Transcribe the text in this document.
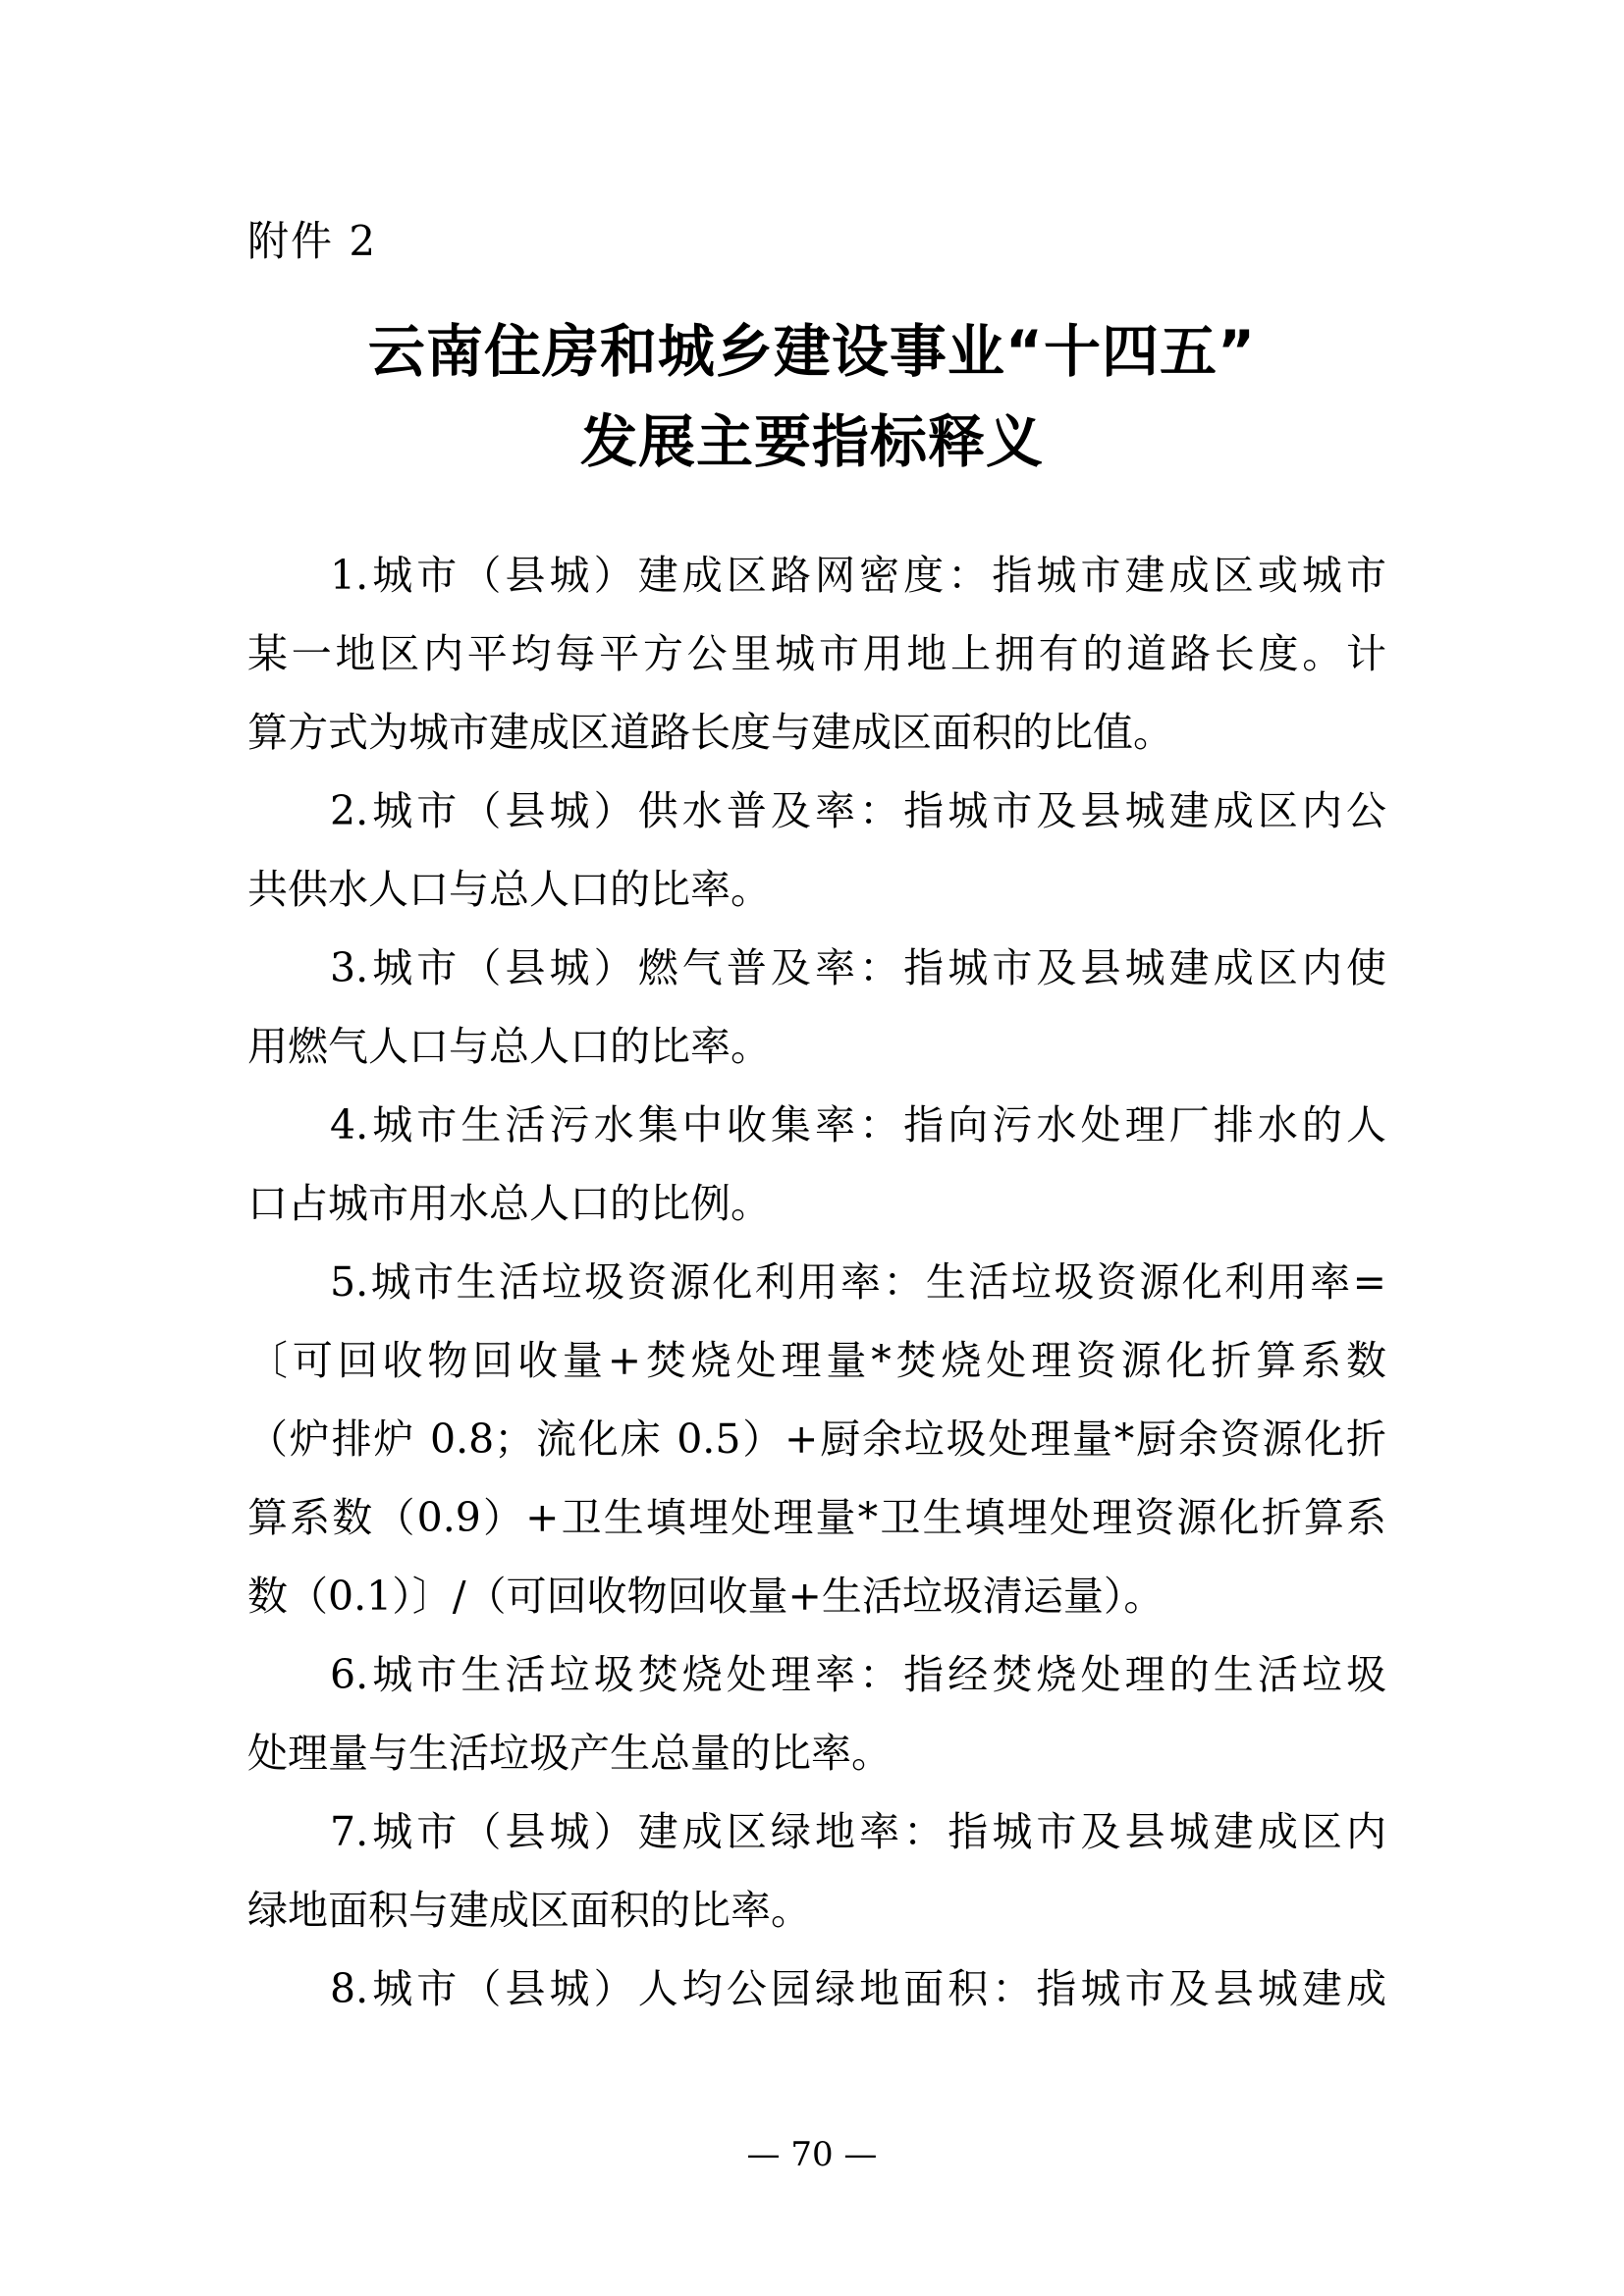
附件 2
云南住房和城乡建设事业“十四五”
发展主要指标释义
1.城市（县城）建成区路网密度：指城市建成区或城市
某一地区内平均每平方公里城市用地上拥有的道路长度。计
算方式为城市建成区道路长度与建成区面积的比值。
2.城市（县城）供水普及率：指城市及县城建成区内公
共供水人口与总人口的比率。
3.城市（县城）燃气普及率：指城市及县城建成区内使
用燃气人口与总人口的比率。
4.城市生活污水集中收集率：指向污水处理厂排水的人
口占城市用水总人口的比例。
5.城市生活垃圾资源化利用率：生活垃圾资源化利用率=
〔可回收物回收量+焚烧处理量*焚烧处理资源化折算系数
（炉排炉 0.8；流化床 0.5）+厨余垃圾处理量*厨余资源化折
算系数（0.9）+卫生填埋处理量*卫生填埋处理资源化折算系
数（0.1）〕/（可回收物回收量+生活垃圾清运量）。
6.城市生活垃圾焚烧处理率：指经焚烧处理的生活垃圾
处理量与生活垃圾产生总量的比率。
7.城市（县城）建成区绿地率：指城市及县城建成区内
绿地面积与建成区面积的比率。
8.城市（县城）人均公园绿地面积：指城市及县城建成
— 70 —
